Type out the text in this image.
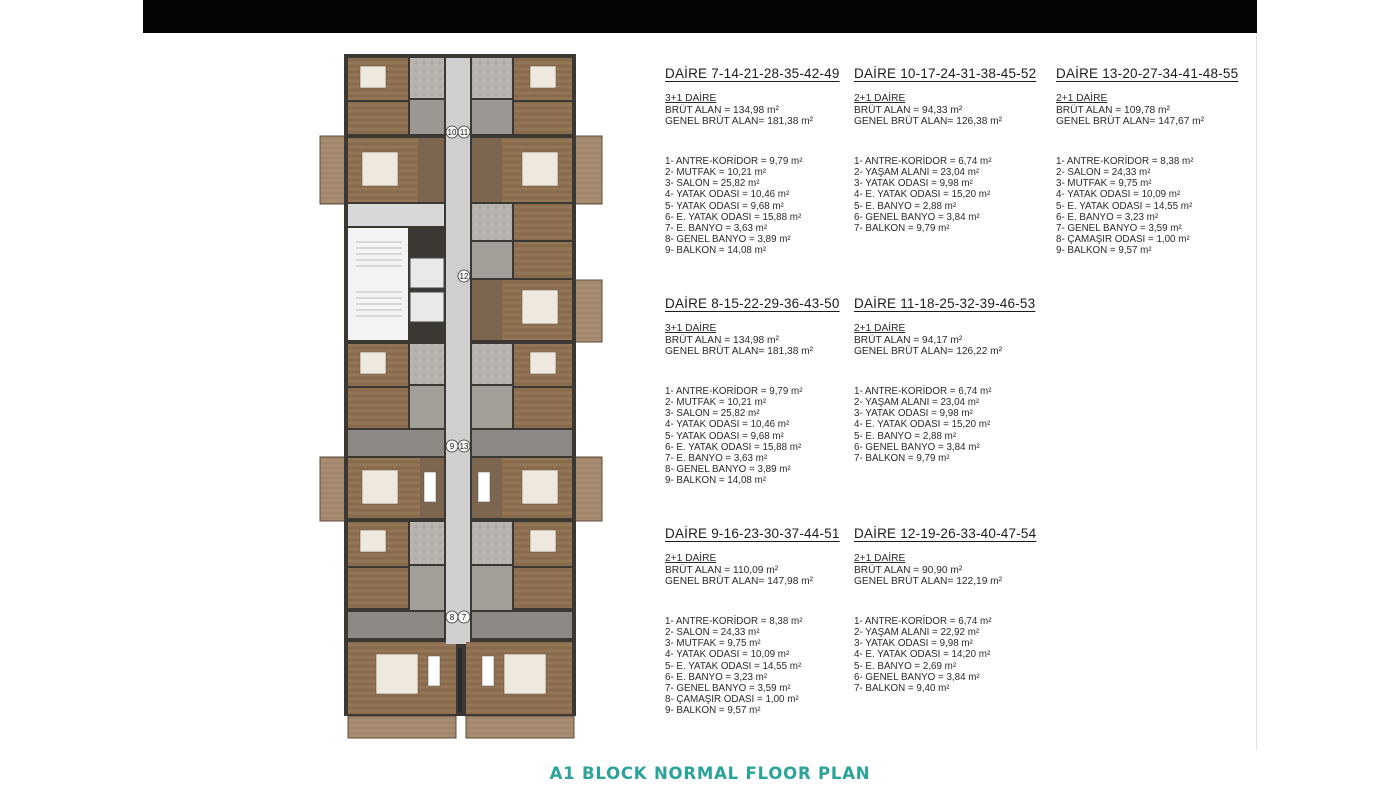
10 11
12
9 13
8 7
DAİRE 7-14-21-28-35-42-49
3+1 DAİRE
BRÜT ALAN = 134,98 m²
GENEL BRÜT ALAN= 181,38 m²
1- ANTRE-KORİDOR = 9,79 m²
2- MUTFAK = 10,21 m²
3- SALON = 25,82 m²
4- YATAK ODASI = 10,46 m²
5- YATAK ODASI = 9,68 m²
6- E. YATAK ODASI = 15,88 m²
7- E. BANYO = 3,63 m²
8- GENEL BANYO = 3,89 m²
9- BALKON = 14,08 m²
DAİRE 10-17-24-31-38-45-52
2+1 DAİRE
BRÜT ALAN = 94,33 m²
GENEL BRÜT ALAN= 126,38 m²
1- ANTRE-KORİDOR = 6,74 m²
2- YAŞAM ALANI = 23,04 m²
3- YATAK ODASI = 9,98 m²
4- E. YATAK ODASI = 15,20 m²
5- E. BANYO = 2,88 m²
6- GENEL BANYO = 3,84 m²
7- BALKON = 9,79 m²
DAİRE 13-20-27-34-41-48-55
2+1 DAİRE
BRÜT ALAN = 109,78 m²
GENEL BRÜT ALAN= 147,67 m²
1- ANTRE-KORİDOR = 8,38 m²
2- SALON = 24,33 m²
3- MUTFAK = 9,75 m²
4- YATAK ODASI = 10,09 m²
5- E. YATAK ODASI = 14,55 m²
6- E. BANYO = 3,23 m²
7- GENEL BANYO = 3,59 m²
8- ÇAMAŞIR ODASI = 1,00 m²
9- BALKON = 9,57 m²
DAİRE 8-15-22-29-36-43-50
3+1 DAİRE
BRÜT ALAN = 134,98 m²
GENEL BRÜT ALAN= 181,38 m²
1- ANTRE-KORİDOR = 9,79 m²
2- MUTFAK = 10,21 m²
3- SALON = 25,82 m²
4- YATAK ODASI = 10,46 m²
5- YATAK ODASI = 9,68 m²
6- E. YATAK ODASI = 15,88 m²
7- E. BANYO = 3,63 m²
8- GENEL BANYO = 3,89 m²
9- BALKON = 14,08 m²
DAİRE 11-18-25-32-39-46-53
2+1 DAİRE
BRÜT ALAN = 94,17 m²
GENEL BRÜT ALAN= 126,22 m²
1- ANTRE-KORİDOR = 6,74 m²
2- YAŞAM ALANI = 23,04 m²
3- YATAK ODASI = 9,98 m²
4- E. YATAK ODASI = 15,20 m²
5- E. BANYO = 2,88 m²
6- GENEL BANYO = 3,84 m²
7- BALKON = 9,79 m²
DAİRE 9-16-23-30-37-44-51
2+1 DAİRE
BRÜT ALAN = 110,09 m²
GENEL BRÜT ALAN= 147,98 m²
1- ANTRE-KORİDOR = 8,38 m²
2- SALON = 24,33 m²
3- MUTFAK = 9,75 m²
4- YATAK ODASI = 10,09 m²
5- E. YATAK ODASI = 14,55 m²
6- E. BANYO = 3,23 m²
7- GENEL BANYO = 3,59 m²
8- ÇAMAŞIR ODASI = 1,00 m²
9- BALKON = 9,57 m²
DAİRE 12-19-26-33-40-47-54
2+1 DAİRE
BRÜT ALAN = 90,90 m²
GENEL BRÜT ALAN= 122,19 m²
1- ANTRE-KORİDOR = 6,74 m²
2- YAŞAM ALANI = 22,92 m²
3- YATAK ODASI = 9,98 m²
4- E. YATAK ODASI = 14,20 m²
5- E. BANYO = 2,69 m²
6- GENEL BANYO = 3,84 m²
7- BALKON = 9,40 m²
A1 BLOCK NORMAL FLOOR PLAN
